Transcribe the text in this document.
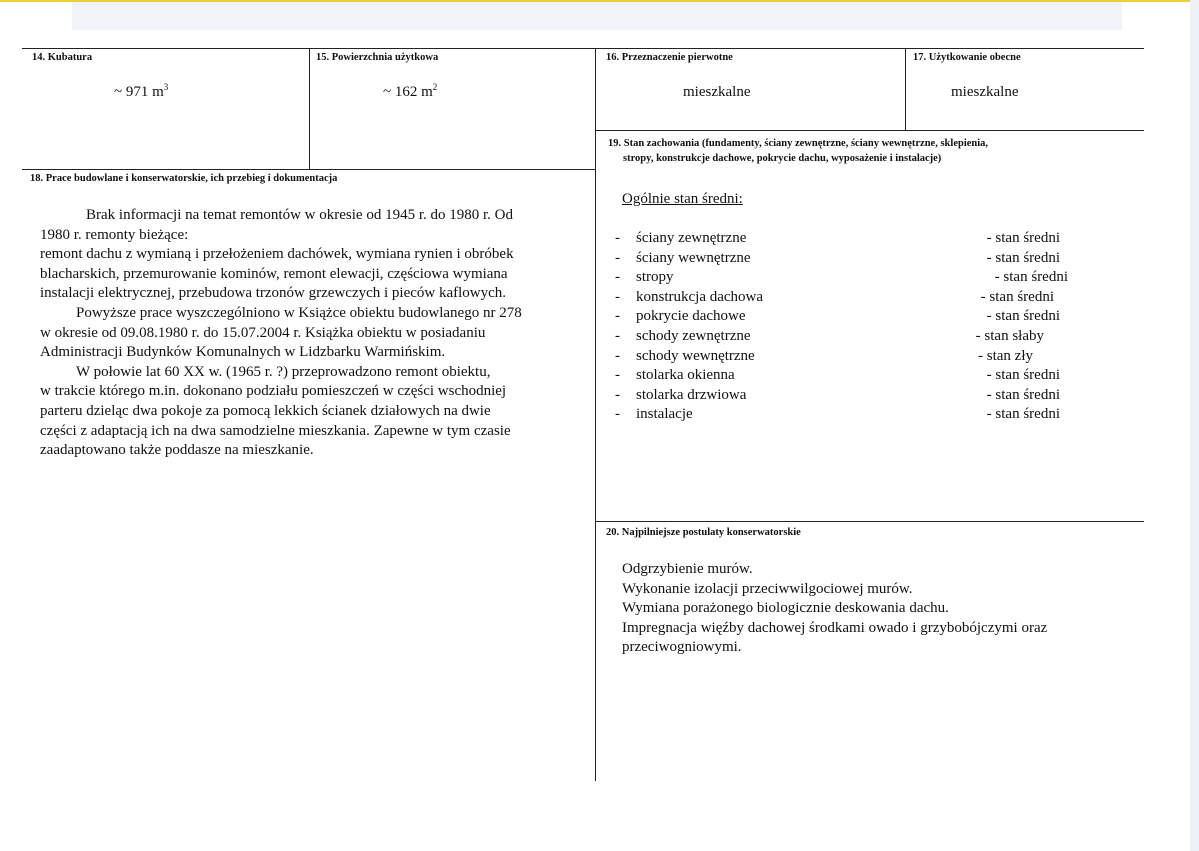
14. Kubatura
~ 971 $m^3$
15. Powierzchnia użytkowa
~ 162 $m^2$
16. Przeznaczenie pierwotne
mieszkalne
17. Użytkowanie obecne
mieszkalne
18. Prace budowlane i konserwatorskie, ich przebieg i dokumentacja
Brak informacji na temat remontów w okresie od 1945 r. do 1980 r. Od
1980 r. remonty bieżące:
remont dachu z wymianą i przełożeniem dachówek, wymiana rynien i obróbek
blacharskich, przemurowanie kominów, remont elewacji, częściowa wymiana
instalacji elektrycznej, przebudowa trzonów grzewczych i pieców kaflowych.
Powyższe prace wyszczególniono w Książce obiektu budowlanego nr 278
w okresie od 09.08.1980 r. do 15.07.2004 r. Książka obiektu w posiadaniu
Administracji Budynków Komunalnych w Lidzbarku Warmińskim.
W połowie lat 60 XX w. (1965 r. ?) przeprowadzono remont obiektu,
w trakcie którego m.in. dokonano podziału pomieszczeń w części wschodniej
parteru dzieląc dwa pokoje za pomocą lekkich ścianek działowych na dwie
części z adaptacją ich na dwa samodzielne mieszkania. Zapewne w tym czasie
zaadaptowano także poddasze na mieszkanie.
19. Stan zachowania (fundamenty, ściany zewnętrzne, ściany wewnętrzne, sklepienia,
stropy, konstrukcje dachowe, pokrycie dachu, wyposażenie i instalacje)
Ogólnie stan średni:
- ściany zewnętrzne	- stan średni
- ściany wewnętrzne	- stan średni
- stropy	- stan średni
- konstrukcja dachowa	- stan średni
- pokrycie dachowe	- stan średni
- schody zewnętrzne	- stan słaby
- schody wewnętrzne	- stan zły
- stolarka okienna	- stan średni
- stolarka drzwiowa	- stan średni
- instalacje	- stan średni
20. Najpilniejsze postulaty konserwatorskie
Odgrzybienie murów.
Wykonanie izolacji przeciwwilgociowej murów.
Wymiana porażonego biologicznie deskowania dachu.
Impregnacja więźby dachowej środkami owado i grzybobójczymi oraz
przeciwogniowymi.
